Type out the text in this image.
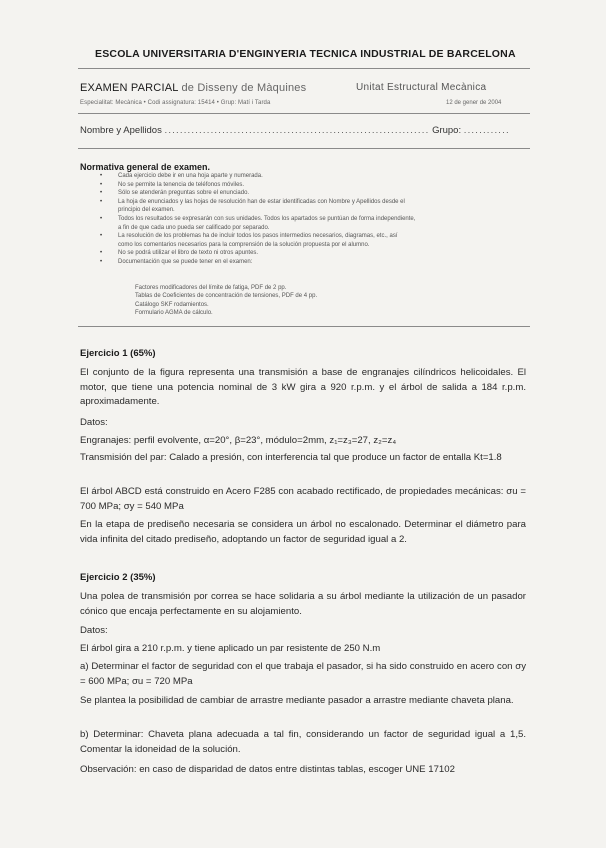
ESCOLA UNIVERSITARIA D'ENGINYERIA TECNICA INDUSTRIAL DE BARCELONA
EXAMEN PARCIAL de Disseny de Màquines	Unitat Estructural Mecànica
Especialitat: Mecànica • Codi assignatura: 15414 • Grup: Matí i Tarda	12 de gener de 2004
Nombre y Apellidos ..................................................................... Grupo: ............
Normativa general de examen.
•	Cada ejercicio debe ir en una hoja aparte y numerada.
•	No se permite la tenencia de teléfonos móviles.
•	Sólo se atenderán preguntas sobre el enunciado.
•	La hoja de enunciados y las hojas de resolución han de estar identificadas con Nombre y Apellidos desde el
principio del examen.
•	Todos los resultados se expresarán con sus unidades. Todos los apartados se puntúan de forma independiente,
a fin de que cada uno pueda ser calificado por separado.
•	La resolución de los problemas ha de incluir todos los pasos intermedios necesarios, diagramas, etc., así
como los comentarios necesarios para la comprensión de la solución propuesta por el alumno.
•	No se podrá utilizar el libro de texto ni otros apuntes.
•	Documentación que se puede tener en el examen:
Factores modificadores del límite de fatiga, PDF de 2 pp.
Tablas de Coeficientes de concentración de tensiones, PDF de 4 pp.
Catálogo SKF rodamientos.
Formulario AGMA de cálculo.
Ejercicio 1 (65%)
El conjunto de la figura representa una transmisión a base de engranajes cilíndricos helicoidales. El motor, que tiene una potencia nominal de 3 kW gira a 920 r.p.m. y el árbol de salida a 184 r.p.m. aproximadamente.
Datos:
Engranajes: perfil evolvente, α=20°, β=23°, módulo=2mm, z₁=z₃=27, z₂=z₄
Transmisión del par: Calado a presión, con interferencia tal que produce un factor de entalla Kt=1.8
El árbol ABCD está construido en Acero F285 con acabado rectificado, de propiedades mecánicas: σu = 700 MPa; σy = 540 MPa
En la etapa de prediseño necesaria se considera un árbol no escalonado. Determinar el diámetro para vida infinita del citado prediseño, adoptando un factor de seguridad igual a 2.
Ejercicio 2 (35%)
Una polea de transmisión por correa se hace solidaria a su árbol mediante la utilización de un pasador cónico que encaja perfectamente en su alojamiento.
Datos:
El árbol gira a 210 r.p.m. y tiene aplicado un par resistente de 250 N.m
a) Determinar el factor de seguridad con el que trabaja el pasador, si ha sido construido en acero con σy = 600 MPa; σu = 720 MPa
Se plantea la posibilidad de cambiar de arrastre mediante pasador a arrastre mediante chaveta plana.
b) Determinar: Chaveta plana adecuada a tal fin, considerando un factor de seguridad igual a 1,5. Comentar la idoneidad de la solución.
Observación: en caso de disparidad de datos entre distintas tablas, escoger UNE 17102
